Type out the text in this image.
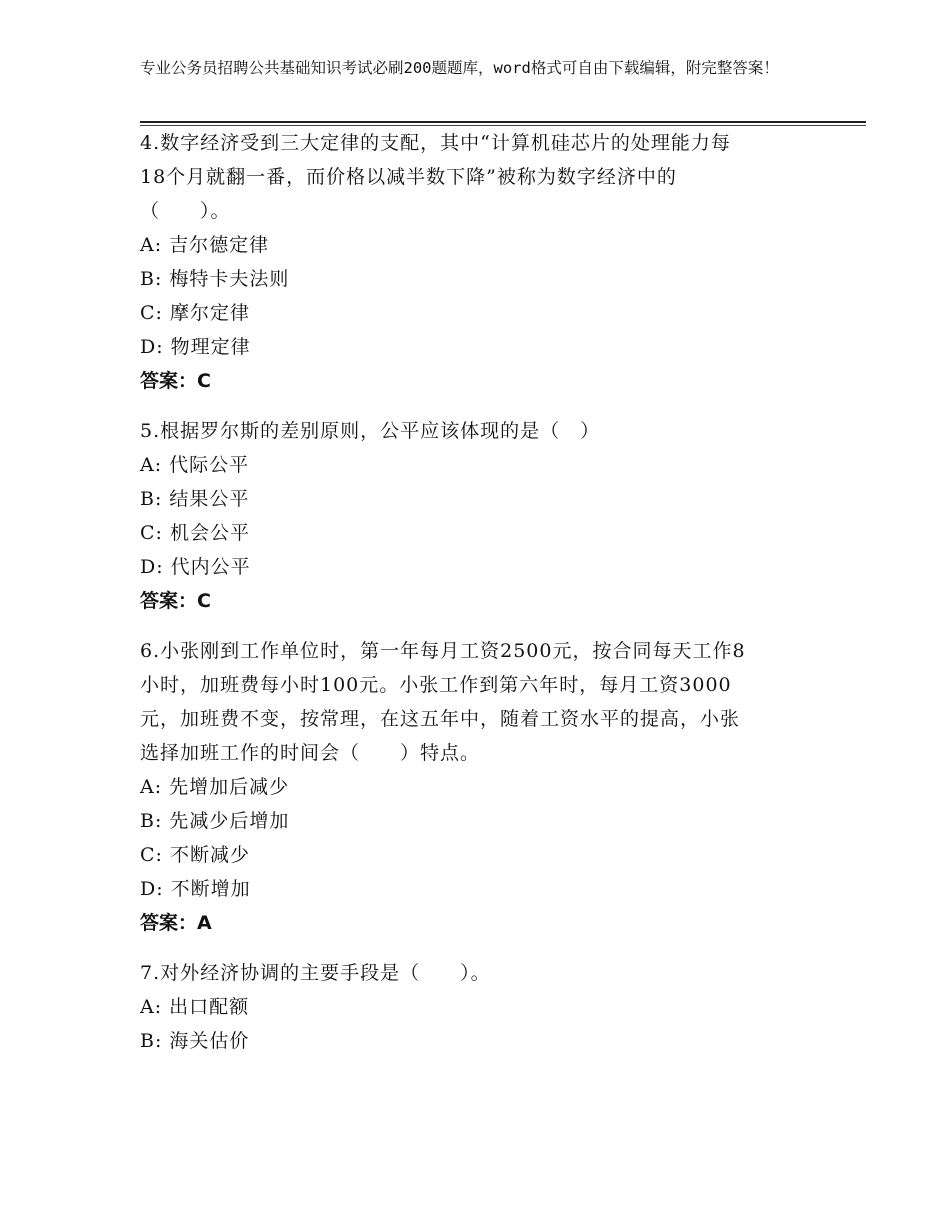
专业公务员招聘公共基础知识考试必刷200题题库，word格式可自由下载编辑，附完整答案！

4.数字经济受到三大定律的支配，其中“计算机硅芯片的处理能力每

18个月就翻一番，而价格以减半数下降”被称为数字经济中的

（　　）。

A: 吉尔德定律

B: 梅特卡夫法则

C: 摩尔定律

D: 物理定律

答案：C

5.根据罗尔斯的差别原则，公平应该体现的是（　）

A: 代际公平

B: 结果公平

C: 机会公平

D: 代内公平

答案：C

6.小张刚到工作单位时，第一年每月工资2500元，按合同每天工作8

小时，加班费每小时100元。小张工作到第六年时，每月工资3000

元，加班费不变，按常理，在这五年中，随着工资水平的提高，小张

选择加班工作的时间会（　　）特点。

A: 先增加后减少

B: 先减少后增加

C: 不断减少

D: 不断增加

答案：A

7.对外经济协调的主要手段是（　　）。

A: 出口配额

B: 海关估价
